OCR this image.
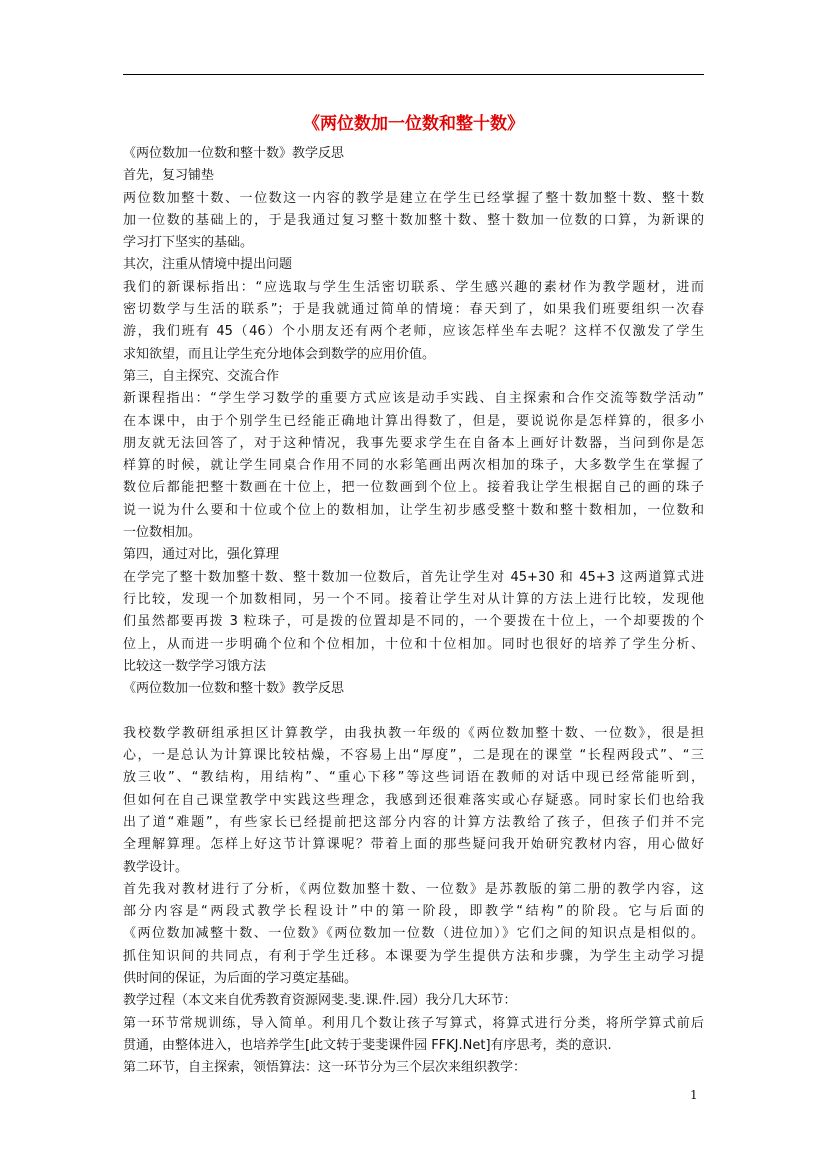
《两位数加一位数和整十数》
《两位数加一位数和整十数》教学反思
首先，复习铺垫
两位数加整十数、一位数这一内容的教学是建立在学生已经掌握了整十数加整十数、整十数
加一位数的基础上的，于是我通过复习整十数加整十数、整十数加一位数的口算，为新课的
学习打下坚实的基础。
其次，注重从情境中提出问题
我们的新课标指出：“应选取与学生生活密切联系、学生感兴趣的素材作为教学题材，进而
密切数学与生活的联系”；于是我就通过简单的情境：春天到了，如果我们班要组织一次春
游，我们班有 45（46）个小朋友还有两个老师，应该怎样坐车去呢？这样不仅激发了学生
求知欲望，而且让学生充分地体会到数学的应用价值。
第三，自主探究、交流合作
新课程指出：“学生学习数学的重要方式应该是动手实践、自主探索和合作交流等数学活动”
在本课中，由于个别学生已经能正确地计算出得数了，但是，要说说你是怎样算的，很多小
朋友就无法回答了，对于这种情况，我事先要求学生在自备本上画好计数器，当问到你是怎
样算的时候，就让学生同桌合作用不同的水彩笔画出两次相加的珠子，大多数学生在掌握了
数位后都能把整十数画在十位上，把一位数画到个位上。接着我让学生根据自己的画的珠子
说一说为什么要和十位或个位上的数相加，让学生初步感受整十数和整十数相加，一位数和
一位数相加。
第四，通过对比，强化算理
在学完了整十数加整十数、整十数加一位数后，首先让学生对 45+30 和 45+3 这两道算式进
行比较，发现一个加数相同，另一个不同。接着让学生对从计算的方法上进行比较，发现他
们虽然都要再拨 3 粒珠子，可是拨的位置却是不同的，一个要拨在十位上，一个却要拨的个
位上，从而进一步明确个位和个位相加，十位和十位相加。同时也很好的培养了学生分析、
比较这一数学学习饿方法
《两位数加一位数和整十数》教学反思
我校数学教研组承担区计算教学，由我执教一年级的《两位数加整十数、一位数》，很是担
心，一是总认为计算课比较枯燥，不容易上出“厚度”，二是现在的课堂 “长程两段式”、“三
放三收”、“教结构，用结构”、“重心下移”等这些词语在教师的对话中现已经常能听到，
但如何在自己课堂教学中实践这些理念，我感到还很难落实或心存疑惑。同时家长们也给我
出了道“难题”，有些家长已经提前把这部分内容的计算方法教给了孩子，但孩子们并不完
全理解算理。怎样上好这节计算课呢？带着上面的那些疑问我开始研究教材内容，用心做好
教学设计。
首先我对教材进行了分析，《两位数加整十数、一位数》是苏教版的第二册的教学内容，这
部分内容是“两段式教学长程设计”中的第一阶段，即教学“结构”的阶段。它与后面的
《两位数加减整十数、一位数》《两位数加一位数（进位加）》它们之间的知识点是相似的。
抓住知识间的共同点，有利于学生迁移。本课要为学生提供方法和步骤，为学生主动学习提
供时间的保证，为后面的学习奠定基础。
教学过程（本文来自优秀教育资源网斐.斐.课.件.园）我分几大环节：
第一环节常规训练，导入简单。利用几个数让孩子写算式，将算式进行分类，将所学算式前后
贯通，由整体进入，也培养学生[此文转于斐斐课件园 FFKJ.Net]有序思考，类的意识.
第二环节，自主探索，领悟算法：这一环节分为三个层次来组织教学：
1
